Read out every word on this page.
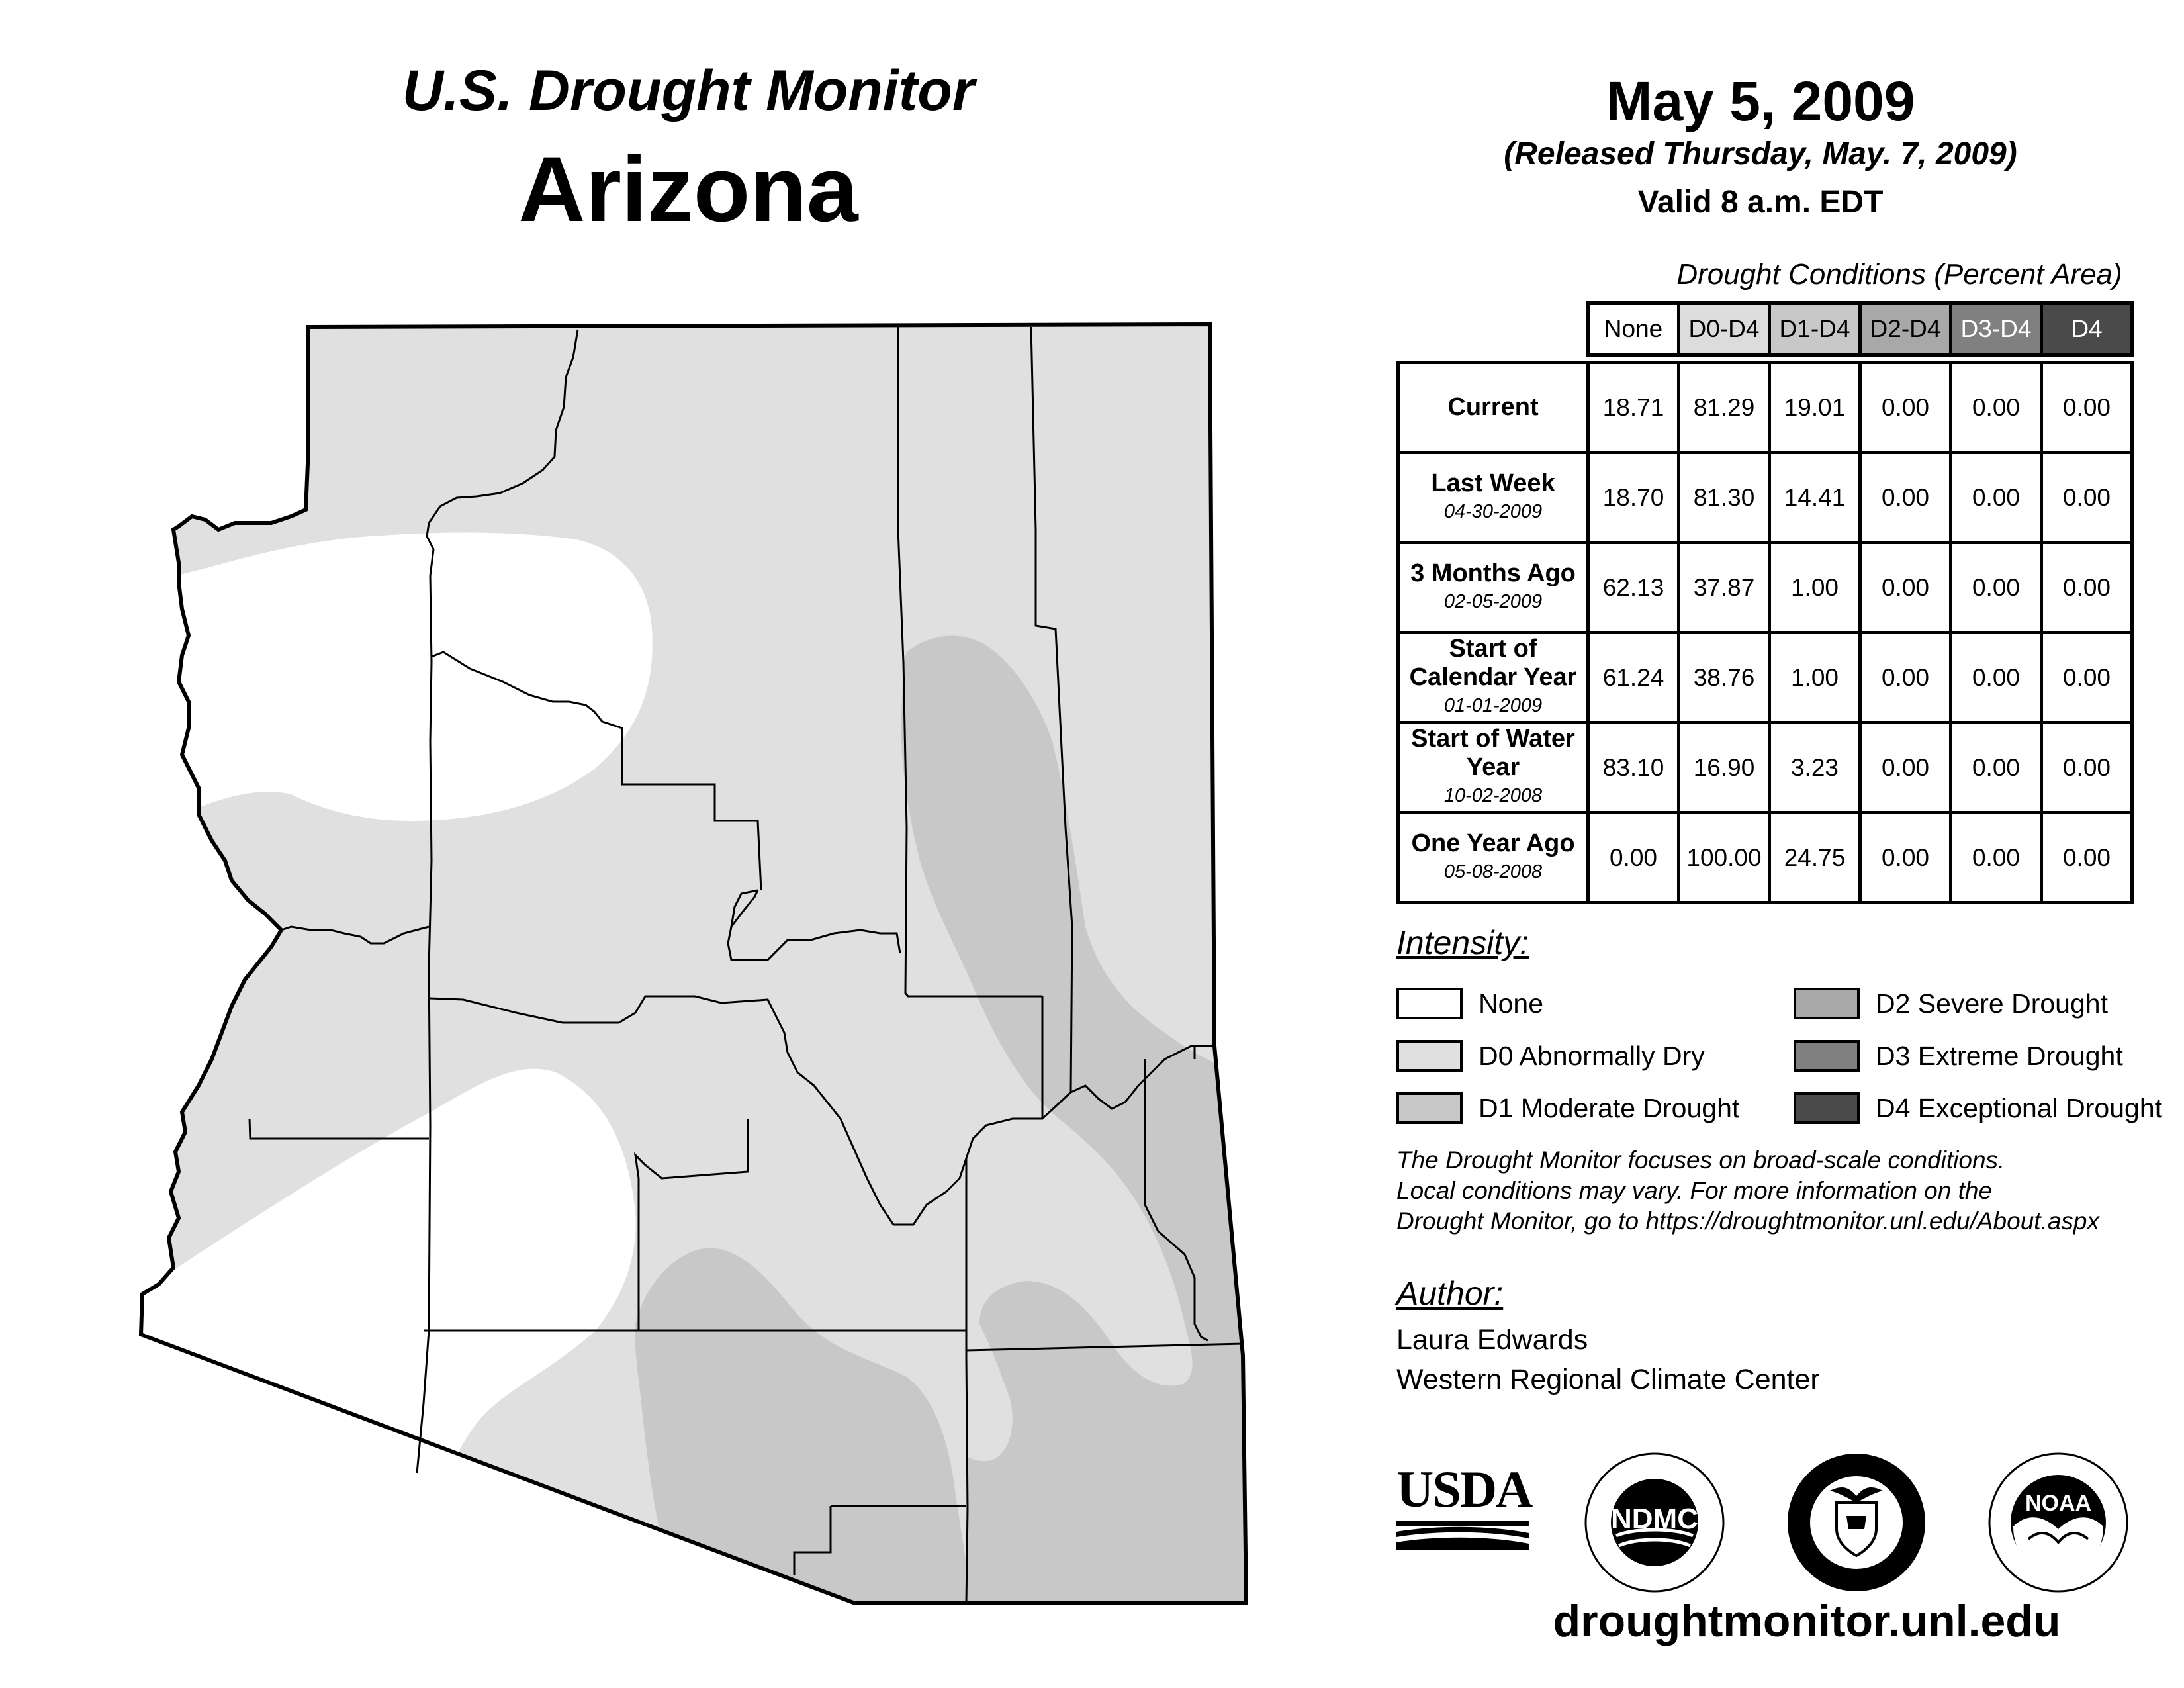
U.S. Drought Monitor
Arizona
May 5, 2009
(Released Thursday, May. 7, 2009)
Valid 8 a.m. EDT
Drought Conditions (Percent Area)
	None	D0-D4	D1-D4	D2-D4	D3-D4	D4

Current	18.71	81.29	19.01	0.00	0.00	0.00

Last Week
04-30-2009	18.70	81.30	14.41	0.00	0.00	0.00

3 Months Ago
02-05-2009	62.13	37.87	1.00	0.00	0.00	0.00

Start of Calendar Year
01-01-2009	61.24	38.76	1.00	0.00	0.00	0.00

Start of Water Year
10-02-2008	83.10	16.90	3.23	0.00	0.00	0.00

One Year Ago
05-08-2008	0.00	100.00	24.75	0.00	0.00	0.00
Intensity:
None
D0 Abnormally Dry
D1 Moderate Drought
D2 Severe Drought
D3 Extreme Drought
D4 Exceptional Drought
The Drought Monitor focuses on broad-scale conditions.
Local conditions may vary. For more information on the
Drought Monitor, go to https://droughtmonitor.unl.edu/About.aspx
Author:
Laura Edwards
Western Regional Climate Center
USDA
NDMC	NOAA
droughtmonitor.unl.edu
